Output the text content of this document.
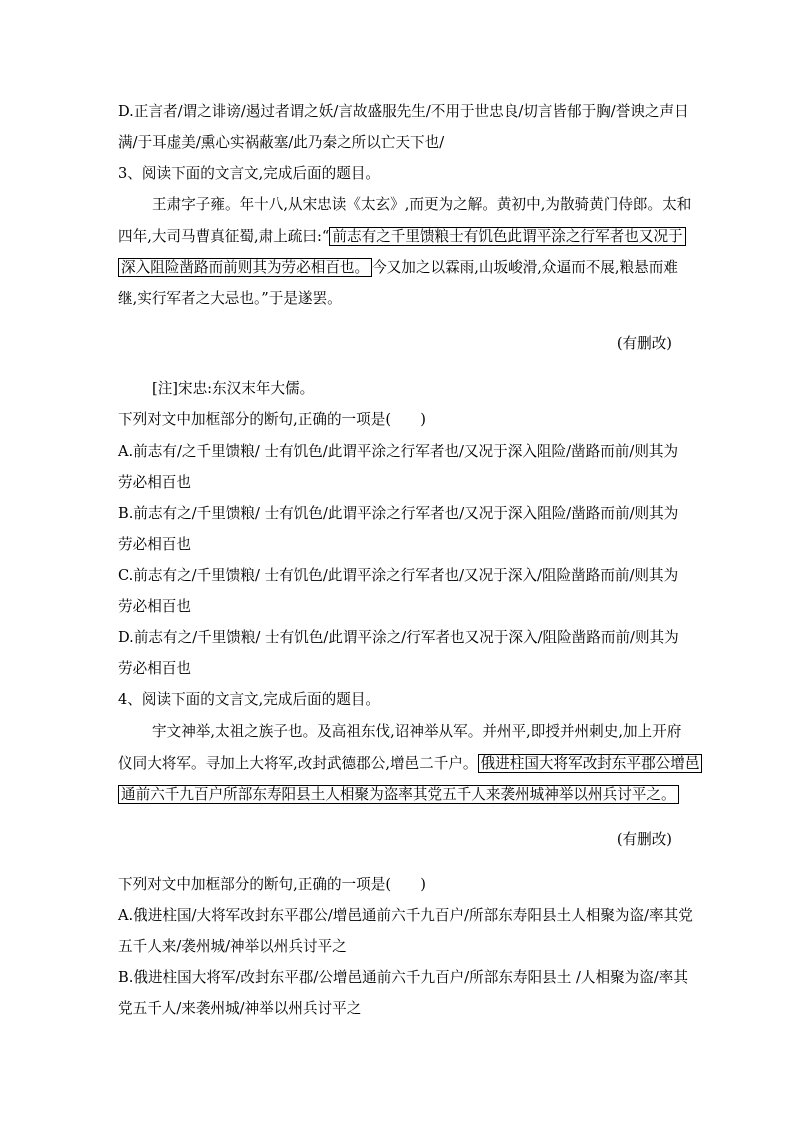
D.正言者/谓之诽谤/遏过者谓之妖/言故盛服先生/不用于世忠良/切言皆郁于胸/誉谀之声日
满/于耳虚美/熏心实祸蔽塞/此乃秦之所以亡天下也/
3、阅读下面的文言文,完成后面的题目。
王肃字子雍。年十八,从宋忠读《太玄》,而更为之解。黄初中,为散骑黄门侍郎。太和
四年,大司马曹真征蜀,肃上疏曰:“ 前志有之千里馈粮士有饥色此谓平涂之行军者也又况于
深入阻险凿路而前则其为劳必相百也。 今又加之以霖雨,山坂峻滑,众逼而不展,粮悬而难
继,实行军者之大忌也。”于是遂罢。
(有删改)
[注]宋忠:东汉末年大儒。
下列对文中加框部分的断句,正确的一项是(　　)
A.前志有/之千里馈粮/ 士有饥色/此谓平涂之行军者也/又况于深入阻险/凿路而前/则其为
劳必相百也
B.前志有之/千里馈粮/ 士有饥色/此谓平涂之行军者也/又况于深入阻险/凿路而前/则其为
劳必相百也
C.前志有之/千里馈粮/ 士有饥色/此谓平涂之行军者也/又况于深入/阻险凿路而前/则其为
劳必相百也
D.前志有之/千里馈粮/ 士有饥色/此谓平涂之/行军者也又况于深入/阻险凿路而前/则其为
劳必相百也
4、阅读下面的文言文,完成后面的题目。
宇文神举,太祖之族子也。及高祖东伐,诏神举从军。并州平,即授并州刺史,加上开府
仪同大将军。寻加上大将军,改封武德郡公,增邑二千户。 俄进柱国大将军改封东平郡公增邑
通前六千九百户所部东寿阳县土人相聚为盗率其党五千人来袭州城神举以州兵讨平之。
(有删改)
下列对文中加框部分的断句,正确的一项是(　　)
A.俄进柱国/大将军改封东平郡公/增邑通前六千九百户/所部东寿阳县土人相聚为盗/率其党
五千人来/袭州城/神举以州兵讨平之
B.俄进柱国大将军/改封东平郡/公增邑通前六千九百户/所部东寿阳县土 /人相聚为盗/率其
党五千人/来袭州城/神举以州兵讨平之
